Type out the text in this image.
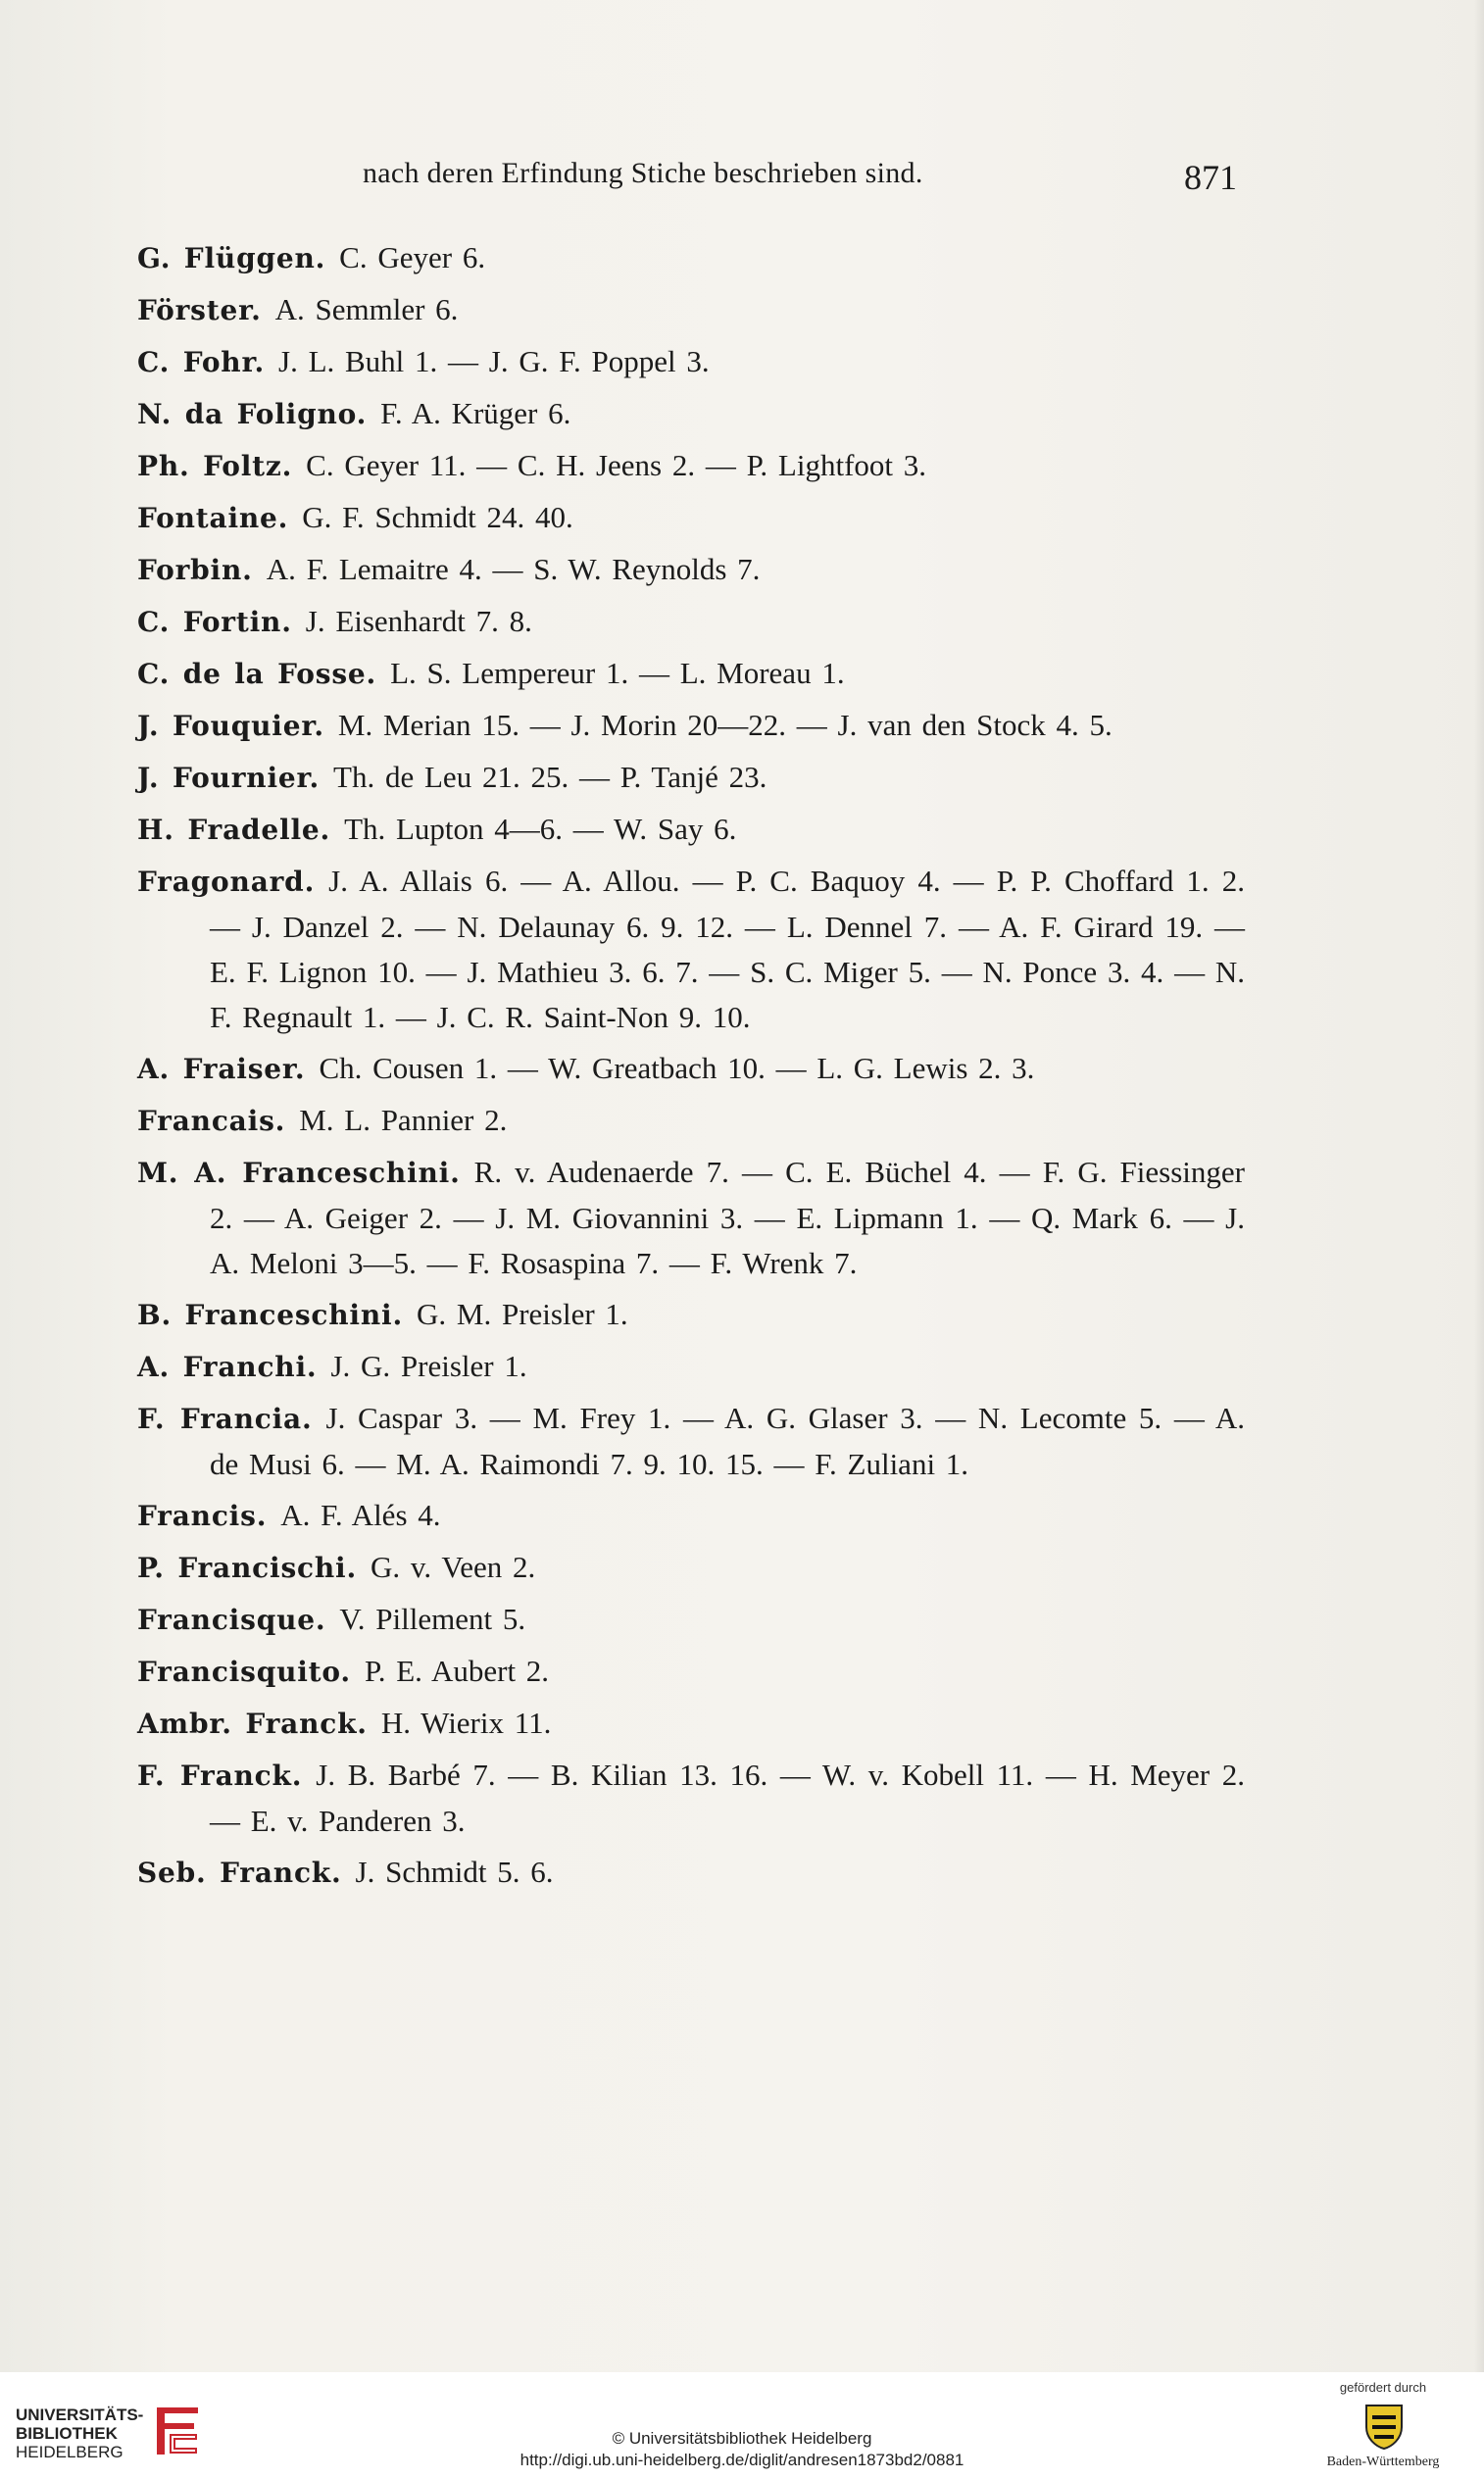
nach deren Erfindung Stiche beschrieben sind.	871
G. Flüggen. C. Geyer 6.
Förster. A. Semmler 6.
C. Fohr. J. L. Buhl 1. — J. G. F. Poppel 3.
N. da Foligno. F. A. Krüger 6.
Ph. Foltz. C. Geyer 11. — C. H. Jeens 2. — P. Lightfoot 3.
Fontaine. G. F. Schmidt 24. 40.
Forbin. A. F. Lemaitre 4. — S. W. Reynolds 7.
C. Fortin. J. Eisenhardt 7. 8.
C. de la Fosse. L. S. Lempereur 1. — L. Moreau 1.
J. Fouquier. M. Merian 15. — J. Morin 20—22. — J. van den Stock 4. 5.
J. Fournier. Th. de Leu 21. 25. — P. Tanjé 23.
H. Fradelle. Th. Lupton 4—6. — W. Say 6.
Fragonard. J. A. Allais 6. — A. Allou. — P. C. Baquoy 4. — P. P. Choffard 1. 2. — J. Danzel 2. — N. Delaunay 6. 9. 12. — L. Dennel 7. — A. F. Girard 19. — E. F. Lignon 10. — J. Mathieu 3. 6. 7. — S. C. Miger 5. — N. Ponce 3. 4. — N. F. Regnault 1. — J. C. R. Saint-Non 9. 10.
A. Fraiser. Ch. Cousen 1. — W. Greatbach 10. — L. G. Lewis 2. 3.
Francais. M. L. Pannier 2.
M. A. Franceschini. R. v. Audenaerde 7. — C. E. Büchel 4. — F. G. Fiessinger 2. — A. Geiger 2. — J. M. Giovannini 3. — E. Lipmann 1. — Q. Mark 6. — J. A. Meloni 3—5. — F. Rosaspina 7. — F. Wrenk 7.
B. Franceschini. G. M. Preisler 1.
A. Franchi. J. G. Preisler 1.
F. Francia. J. Caspar 3. — M. Frey 1. — A. G. Glaser 3. — N. Lecomte 5. — A. de Musi 6. — M. A. Raimondi 7. 9. 10. 15. — F. Zuliani 1.
Francis. A. F. Alés 4.
P. Francischi. G. v. Veen 2.
Francisque. V. Pillement 5.
Francisquito. P. E. Aubert 2.
Ambr. Franck. H. Wierix 11.
F. Franck. J. B. Barbé 7. — B. Kilian 13. 16. — W. v. Kobell 11. — H. Meyer 2. — E. v. Panderen 3.
Seb. Franck. J. Schmidt 5. 6.
UNIVERSITÄTS-
BIBLIOTHEK
HEIDELBERG
© Universitätsbibliothek Heidelberg
http://digi.ub.uni-heidelberg.de/diglit/andresen1873bd2/0881
gefördert durch
Baden-Württemberg
